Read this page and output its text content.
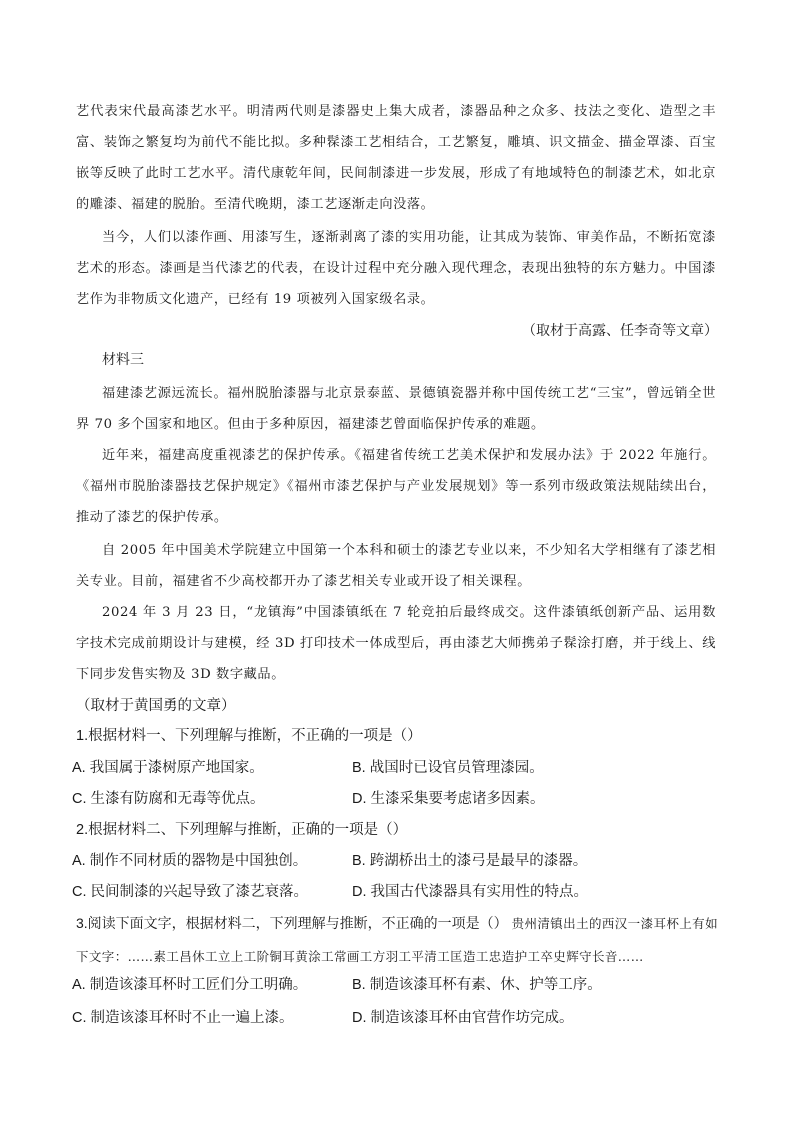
艺代表宋代最高漆艺水平。明清两代则是漆器史上集大成者，漆器品种之众多、技法之变化、造型之丰富、装饰之繁复均为前代不能比拟。多种髹漆工艺相结合，工艺繁复，雕填、识文描金、描金罩漆、百宝嵌等反映了此时工艺水平。清代康乾年间，民间制漆进一步发展，形成了有地域特色的制漆艺术，如北京的雕漆、福建的脱胎。至清代晚期，漆工艺逐渐走向没落。

当今，人们以漆作画、用漆写生，逐渐剥离了漆的实用功能，让其成为装饰、审美作品，不断拓宽漆艺术的形态。漆画是当代漆艺的代表，在设计过程中充分融入现代理念，表现出独特的东方魅力。中国漆艺作为非物质文化遗产，已经有 19 项被列入国家级名录。

（取材于高露、任李奇等文章）

材料三

福建漆艺源远流长。福州脱胎漆器与北京景泰蓝、景德镇瓷器并称中国传统工艺“三宝”，曾远销全世界 70 多个国家和地区。但由于多种原因，福建漆艺曾面临保护传承的难题。

近年来，福建高度重视漆艺的保护传承。《福建省传统工艺美术保护和发展办法》于 2022 年施行。《福州市脱胎漆器技艺保护规定》《福州市漆艺保护与产业发展规划》等一系列市级政策法规陆续出台，推动了漆艺的保护传承。

自 2005 年中国美术学院建立中国第一个本科和硕士的漆艺专业以来，不少知名大学相继有了漆艺相关专业。目前，福建省不少高校都开办了漆艺相关专业或开设了相关课程。

2024 年 3 月 23 日，“龙镇海”中国漆镇纸在 7 轮竞拍后最终成交。这件漆镇纸创新产品、运用数字技术完成前期设计与建模，经 3D 打印技术一体成型后，再由漆艺大师携弟子髹涂打磨，并于线上、线下同步发售实物及 3D 数字藏品。

（取材于黄国勇的文章）

1.根据材料一、下列理解与推断，不正确的一项是（）

A. 我国属于漆树原产地国家。	B. 战国时已设官员管理漆园。

C. 生漆有防腐和无毒等优点。	D. 生漆采集要考虑诸多因素。

2.根据材料二、下列理解与推断，正确的一项是（）

A. 制作不同材质的器物是中国独创。	B. 跨湖桥出土的漆弓是最早的漆器。

C. 民间制漆的兴起导致了漆艺衰落。	D. 我国古代漆器具有实用性的特点。

3.阅读下面文字，根据材料二，下列理解与推断，不正确的一项是（） 贵州清镇出土的西汉一漆耳杯上有如下文字：……素工昌休工立上工阶铜耳黄涂工常画工方羽工平清工匡造工忠造护工卒史辉守长音……

A. 制造该漆耳杯时工匠们分工明确。	B. 制造该漆耳杯有素、休、护等工序。

C. 制造该漆耳杯时不止一遍上漆。	D. 制造该漆耳杯由官营作坊完成。
